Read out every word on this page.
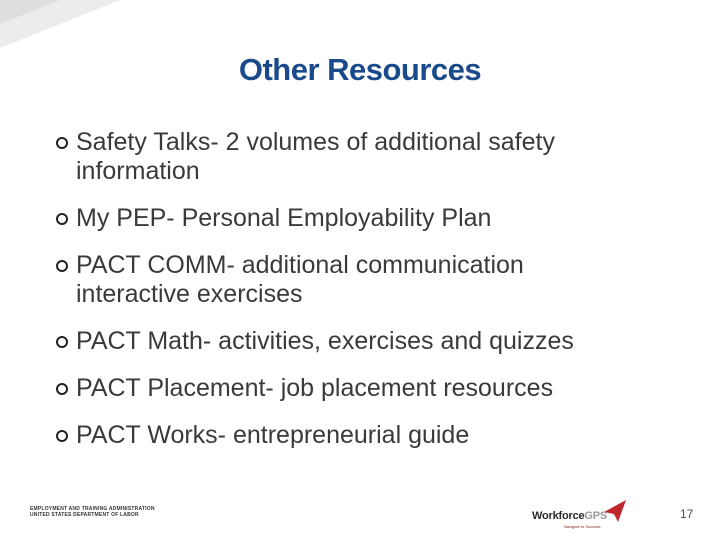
Other Resources
Safety Talks- 2 volumes of additional safety
information
My PEP- Personal Employability Plan
PACT COMM- additional communication
interactive exercises
PACT Math- activities, exercises and quizzes
PACT Placement- job placement resources
PACT Works- entrepreneurial guide
EMPLOYMENT AND TRAINING ADMINISTRATION
UNITED STATES DEPARTMENT OF LABOR	WorkforceGPS
Navigate to Success
17
